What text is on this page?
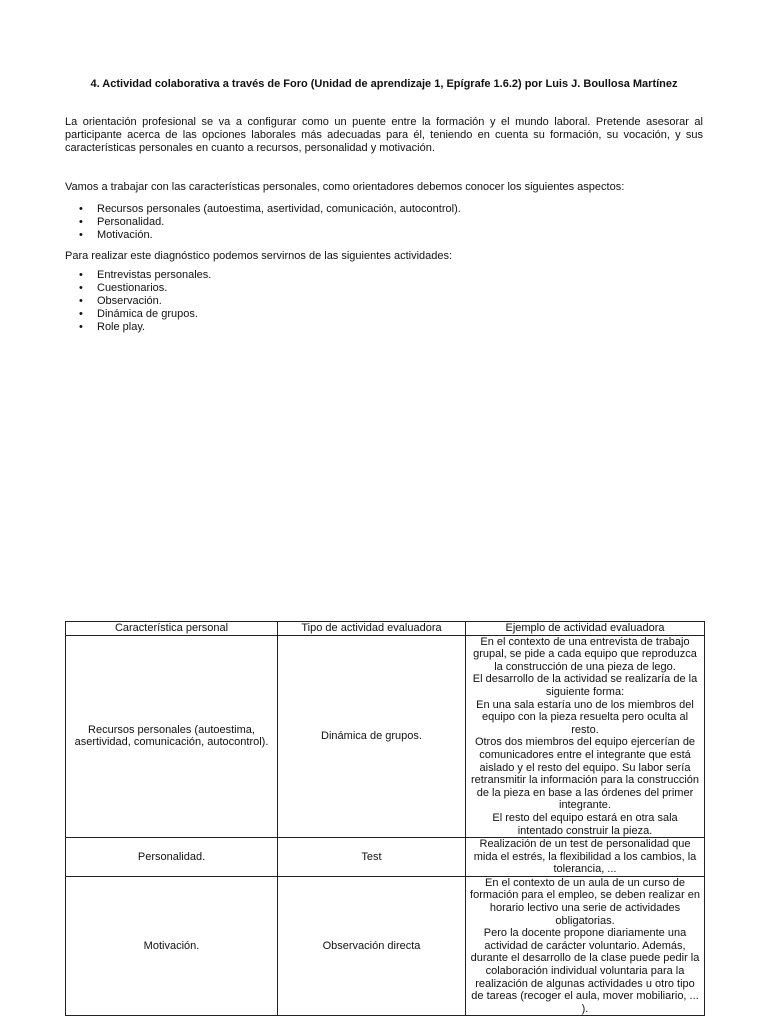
4. Actividad colaborativa a través de Foro (Unidad de aprendizaje 1, Epígrafe 1.6.2) por Luis J. Boullosa Martínez

La orientación profesional se va a configurar como un puente entre la formación y el mundo laboral. Pretende asesorar al participante acerca de las opciones laborales más adecuadas para él, teniendo en cuenta su formación, su vocación, y sus características personales en cuanto a recursos, personalidad y motivación.

Vamos a trabajar con las características personales, como orientadores debemos conocer los siguientes aspectos:

• Recursos personales (autoestima, asertividad, comunicación, autocontrol).
• Personalidad.
• Motivación.

Para realizar este diagnóstico podemos servirnos de las siguientes actividades:

• Entrevistas personales.
• Cuestionarios.
• Observación.
• Dinámica de grupos.
• Role play.
Característica personal	Tipo de actividad evaluadora	Ejemplo de actividad evaluadora
Recursos personales (autoestima, asertividad, comunicación, autocontrol).	Dinámica de grupos.	En el contexto de una entrevista de trabajo grupal, se pide a cada equipo que reproduzca la construcción de una pieza de lego.
El desarrollo de la actividad se realizaría de la siguiente forma:
En una sala estaría uno de los miembros del equipo con la pieza resuelta pero oculta al resto.
Otros dos miembros del equipo ejercerían de comunicadores entre el integrante que está aislado y el resto del equipo. Su labor sería retransmitir la información para la construcción de la pieza en base a las órdenes del primer integrante.
El resto del equipo estará en otra sala intentado construir la pieza.

Personalidad.	Test	Realización de un test de personalidad que mida el estrés, la flexibilidad a los cambios, la tolerancia, ...

Motivación.	Observación directa	En el contexto de un aula de un curso de formación para el empleo, se deben realizar en horario lectivo una serie de actividades obligatorias.
Pero la docente propone diariamente una actividad de carácter voluntario. Además, durante el desarrollo de la clase puede pedir la colaboración individual voluntaria para la realización de algunas actividades u otro tipo de tareas (recoger el aula, mover mobiliario, ... ).
